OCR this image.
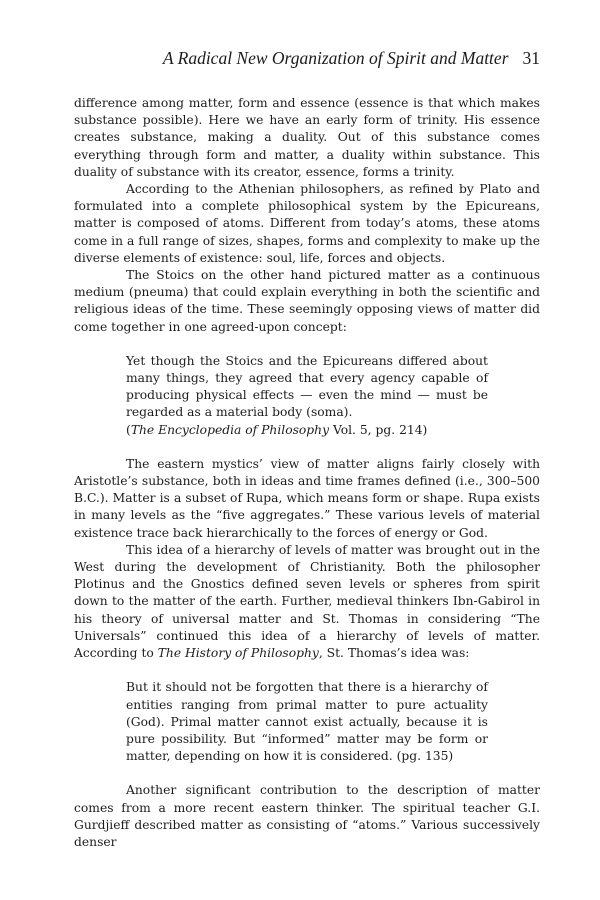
A Radical New Organization of Spirit and Matter 31

difference among matter, form and essence (essence is that which makes substance possible). Here we have an early form of trinity. His essence creates substance, making a duality. Out of this substance comes everything through form and matter, a duality within substance. This duality of substance with its creator, essence, forms a trinity.

According to the Athenian philosophers, as refined by Plato and formulated into a complete philosophical system by the Epicureans, matter is composed of atoms. Different from today’s atoms, these atoms come in a full range of sizes, shapes, forms and complexity to make up the diverse elements of existence: soul, life, forces and objects.

The Stoics on the other hand pictured matter as a continuous medium (pneuma) that could explain everything in both the scientific and religious ideas of the time. These seemingly opposing views of matter did come together in one agreed-upon concept:

Yet though the Stoics and the Epicureans differed about many things, they agreed that every agency capable of producing physical effects — even the mind — must be regarded as a material body (soma).

(The Encyclopedia of Philosophy Vol. 5, pg. 214)

The eastern mystics’ view of matter aligns fairly closely with Aristotle’s substance, both in ideas and time frames defined (i.e., 300–500 B.C.). Matter is a subset of Rupa, which means form or shape. Rupa exists in many levels as the “five aggregates.” These various levels of material existence trace back hierarchically to the forces of energy or God.

This idea of a hierarchy of levels of matter was brought out in the West during the development of Christianity. Both the philosopher Plotinus and the Gnostics defined seven levels or spheres from spirit down to the matter of the earth. Further, medieval thinkers Ibn-Gabirol in his theory of universal matter and St. Thomas in considering “The Universals” continued this idea of a hierarchy of levels of matter. According to The History of Philosophy, St. Thomas’s idea was:

But it should not be forgotten that there is a hierarchy of entities ranging from primal matter to pure actuality (God). Primal matter cannot exist actually, because it is pure possibility. But “informed” matter may be form or matter, depending on how it is considered. (pg. 135)

Another significant contribution to the description of matter comes from a more recent eastern thinker. The spiritual teacher G.I. Gurdjieff described matter as consisting of “atoms.” Various successively denser
